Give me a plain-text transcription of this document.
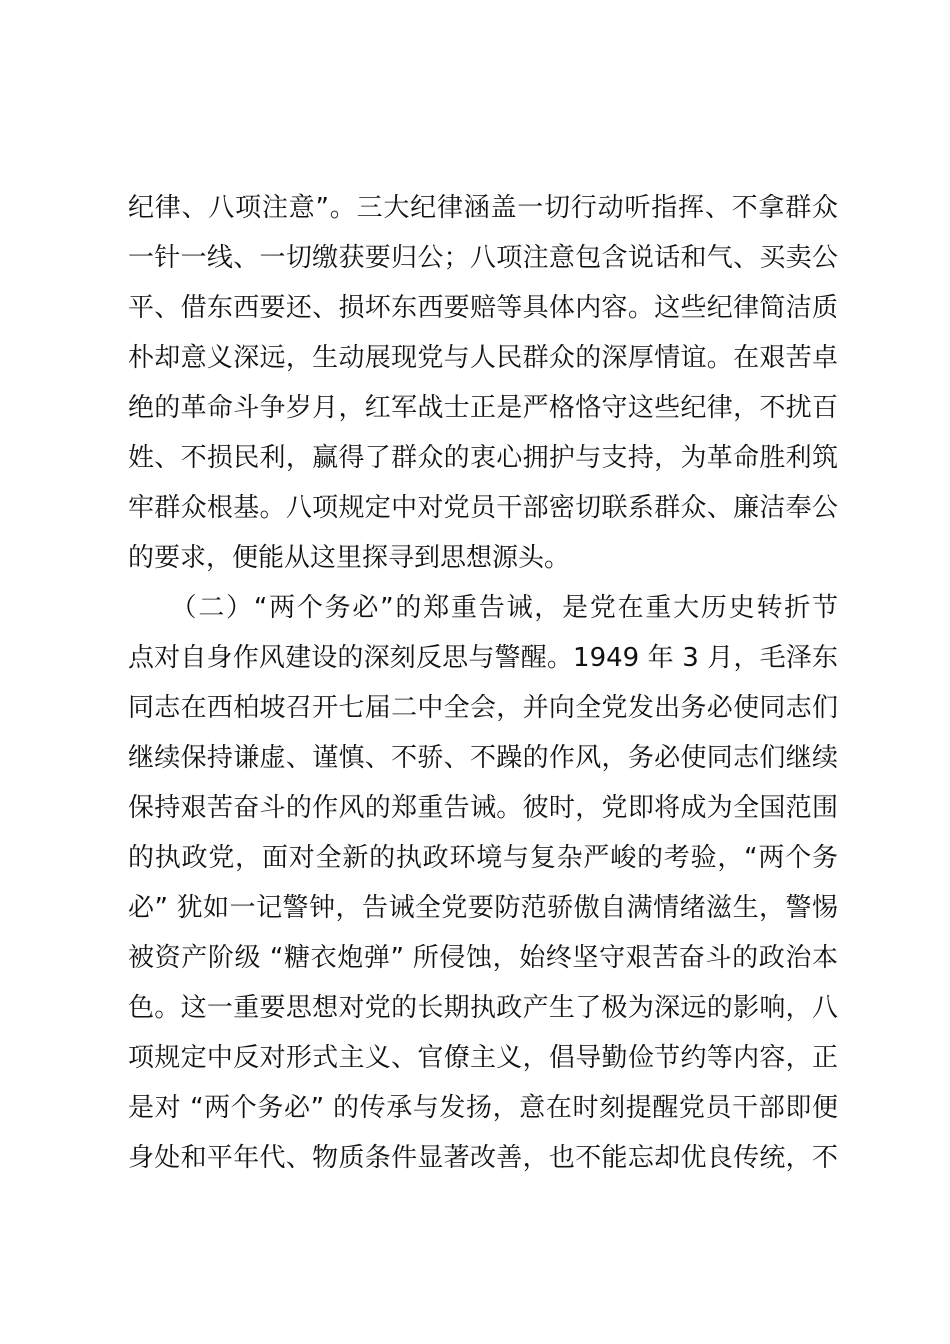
纪律、八项注意”。三大纪律涵盖一切行动听指挥、不拿群众
一针一线、一切缴获要归公；八项注意包含说话和气、买卖公
平、借东西要还、损坏东西要赔等具体内容。这些纪律简洁质
朴却意义深远，生动展现党与人民群众的深厚情谊。在艰苦卓
绝的革命斗争岁月，红军战士正是严格恪守这些纪律，不扰百
姓、不损民利，赢得了群众的衷心拥护与支持，为革命胜利筑
牢群众根基。八项规定中对党员干部密切联系群众、廉洁奉公
的要求，便能从这里探寻到思想源头。
　　（二）“两个务必”的郑重告诫，是党在重大历史转折节
点对自身作风建设的深刻反思与警醒。1949 年 3 月，毛泽东
同志在西柏坡召开七届二中全会，并向全党发出务必使同志们
继续保持谦虚、谨慎、不骄、不躁的作风，务必使同志们继续
保持艰苦奋斗的作风的郑重告诫。彼时，党即将成为全国范围
的执政党，面对全新的执政环境与复杂严峻的考验，“两个务
必” 犹如一记警钟，告诫全党要防范骄傲自满情绪滋生，警惕
被资产阶级 “糖衣炮弹” 所侵蚀，始终坚守艰苦奋斗的政治本
色。这一重要思想对党的长期执政产生了极为深远的影响，八
项规定中反对形式主义、官僚主义，倡导勤俭节约等内容，正
是对 “两个务必” 的传承与发扬，意在时刻提醒党员干部即便
身处和平年代、物质条件显著改善，也不能忘却优良传统，不
